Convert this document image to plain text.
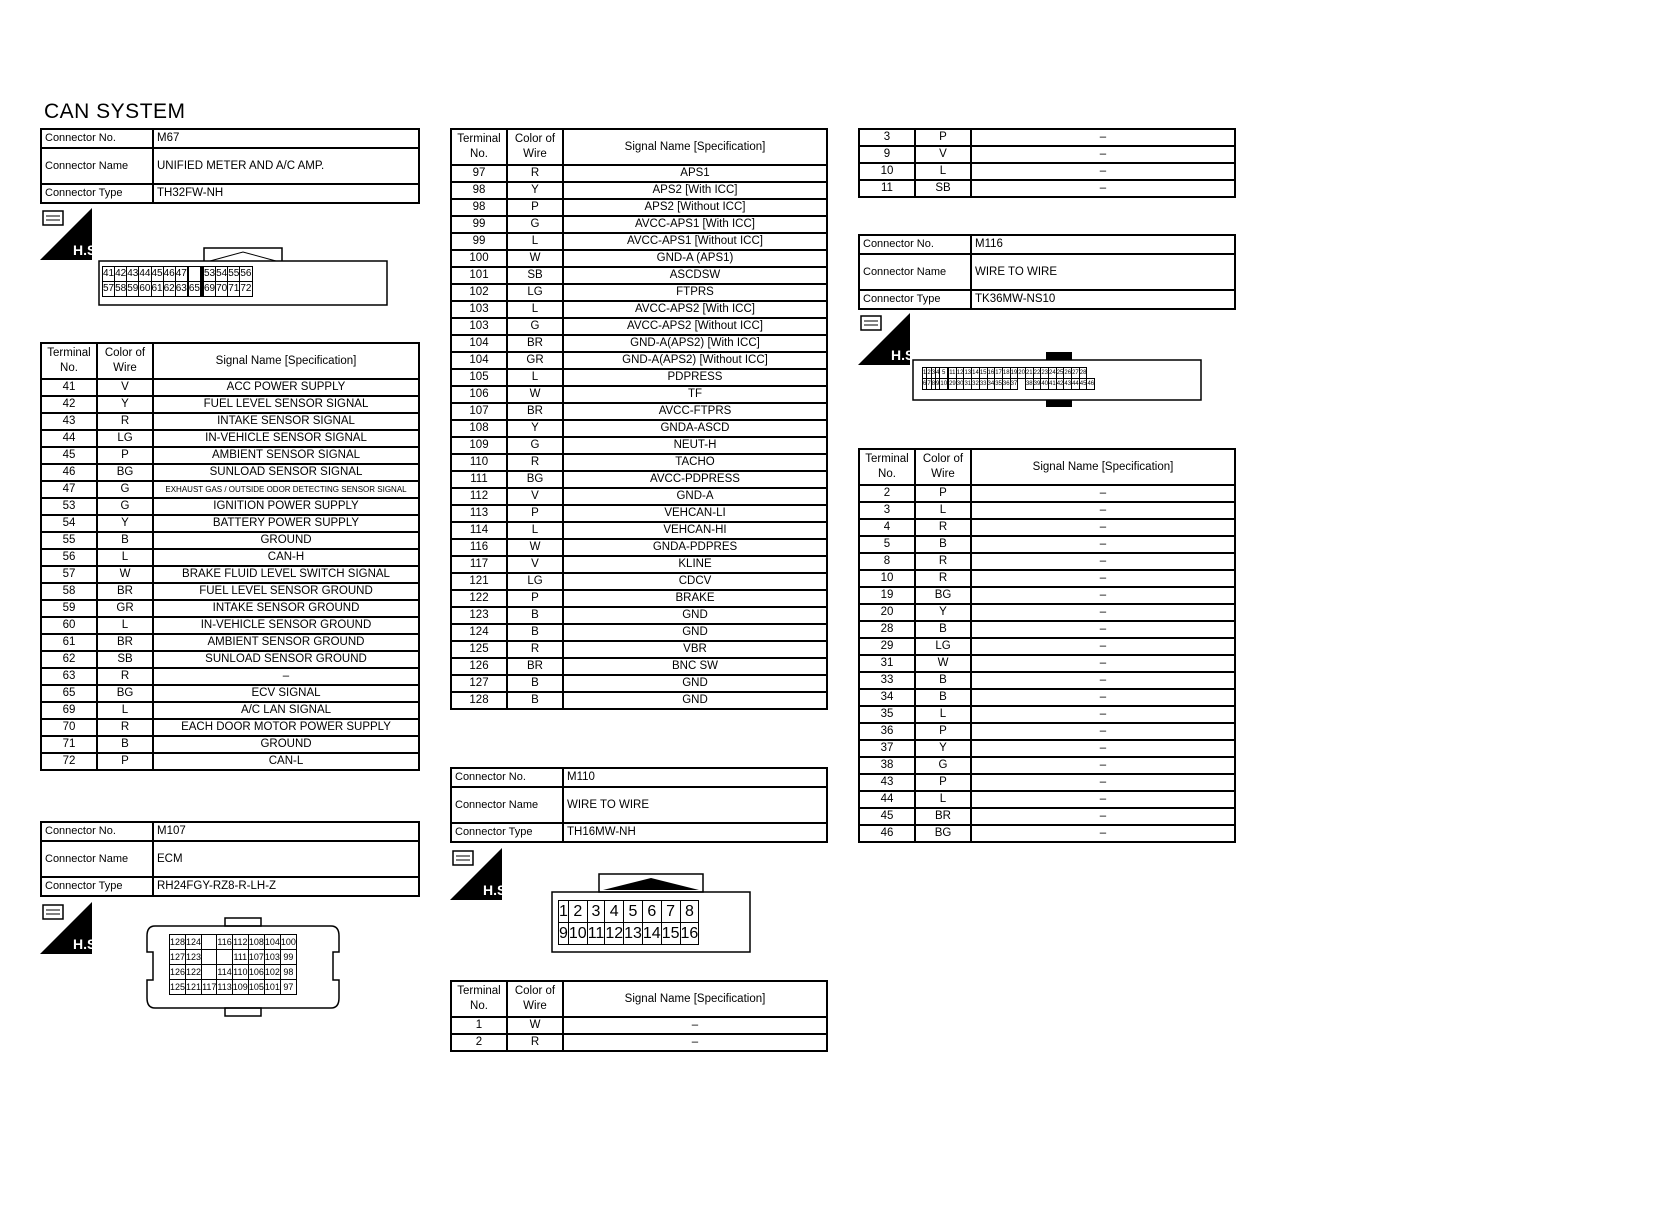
CAN SYSTEM
Connector No.	M67
Connector Name	UNIFIED METER AND A/C AMP.
Connector Type	TH32FW-NH
H.S.
41	42	43	44	45	46	47						53	54	55	56
57	58	59	60	61	62	63		65				69	70	71	72
Terminal No.	Color of Wire	Signal Name [Specification]
41	V	ACC POWER SUPPLY
42	Y	FUEL LEVEL SENSOR SIGNAL
43	R	INTAKE SENSOR SIGNAL
44	LG	IN-VEHICLE SENSOR SIGNAL
45	P	AMBIENT SENSOR SIGNAL
46	BG	SUNLOAD SENSOR SIGNAL
47	G	EXHAUST GAS / OUTSIDE ODOR DETECTING SENSOR SIGNAL
53	G	IGNITION POWER SUPPLY
54	Y	BATTERY POWER SUPPLY
55	B	GROUND
56	L	CAN-H
57	W	BRAKE FLUID LEVEL SWITCH SIGNAL
58	BR	FUEL LEVEL SENSOR GROUND
59	GR	INTAKE SENSOR GROUND
60	L	IN-VEHICLE SENSOR GROUND
61	BR	AMBIENT SENSOR GROUND
62	SB	SUNLOAD SENSOR GROUND
63	R	–
65	BG	ECV SIGNAL
69	L	A/C LAN SIGNAL
70	R	EACH DOOR MOTOR POWER SUPPLY
71	B	GROUND
72	P	CAN-L
Connector No.	M107
Connector Name	ECM
Connector Type	RH24FGY-RZ8-R-LH-Z
H.S.	128	124		116	112	108	104	100
127	123			111	107	103	99
126	122		114	110	106	102	98
125	121	117	113	109	105	101	97
Terminal No.	Color of Wire	Signal Name [Specification]
97	R	APS1
98	Y	APS2 [With ICC]
98	P	APS2 [Without ICC]
99	G	AVCC-APS1 [With ICC]
99	L	AVCC-APS1 [Without ICC]
100	W	GND-A (APS1)
101	SB	ASCDSW
102	LG	FTPRS
103	L	AVCC-APS2 [With ICC]
103	G	AVCC-APS2 [Without ICC]
104	BR	GND-A(APS2) [With ICC]
104	GR	GND-A(APS2) [Without ICC]
105	L	PDPRESS
106	W	TF
107	BR	AVCC-FTPRS
108	Y	GNDA-ASCD
109	G	NEUT-H
110	R	TACHO
111	BG	AVCC-PDPRESS
112	V	GND-A
113	P	VEHCAN-LI
114	L	VEHCAN-HI
116	W	GNDA-PDPRES
117	V	KLINE
121	LG	CDCV
122	P	BRAKE
123	B	GND
124	B	GND
125	R	VBR
126	BR	BNC SW
127	B	GND
128	B	GND
Connector No.	M110
Connector Name	WIRE TO WIRE
Connector Type	TH16MW-NH
H.S.
1	2	3	4	5	6	7	8
9	10	11	12	13	14	15	16
Terminal No.	Color of Wire	Signal Name [Specification]
1	W	–
2	R	–
3	P	–
9	V	–
10	L	–
11	SB	–
Connector No.	M116
Connector Name	WIRE TO WIRE
Connector Type	TK36MW-NS10
H.S.
1	2	3	4	5		11	12	13	14	15	16	17	18	19	20	21	22	23	24	25	26	27	28	
6	7	8	9	10		29	30	31	32	33	34	35	36	37		38	39	40	41	42	43	44	45	46
Terminal No.	Color of Wire	Signal Name [Specification]
2	P	–
3	L	–
4	R	–
5	B	–
8	R	–
10	R	–
19	BG	–
20	Y	–
28	B	–
29	LG	–
31	W	–
33	B	–
34	B	–
35	L	–
36	P	–
37	Y	–
38	G	–
43	P	–
44	L	–
45	BR	–
46	BG	–
